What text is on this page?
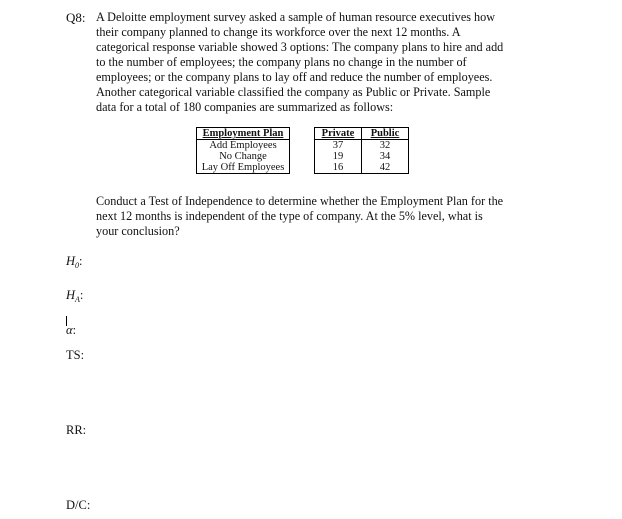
Q8: A Deloitte employment survey asked a sample of human resource executives how
their company planned to change its workforce over the next 12 months. A
categorical response variable showed 3 options: The company plans to hire and add
to the number of employees; the company plans no change in the number of
employees; or the company plans to lay off and reduce the number of employees.
Another categorical variable classified the company as Public or Private. Sample
data for a total of 180 companies are summarized as follows:
Employment Plan		Private	Public
Add Employees		37	32
No Change		19	34
Lay Off Employees		16	42
Conduct a Test of Independence to determine whether the Employment Plan for the
next 12 months is independent of the type of company. At the 5% level, what is
your conclusion?
$H_0$:
$H_A$:
α:
TS:
RR:
D/C:
